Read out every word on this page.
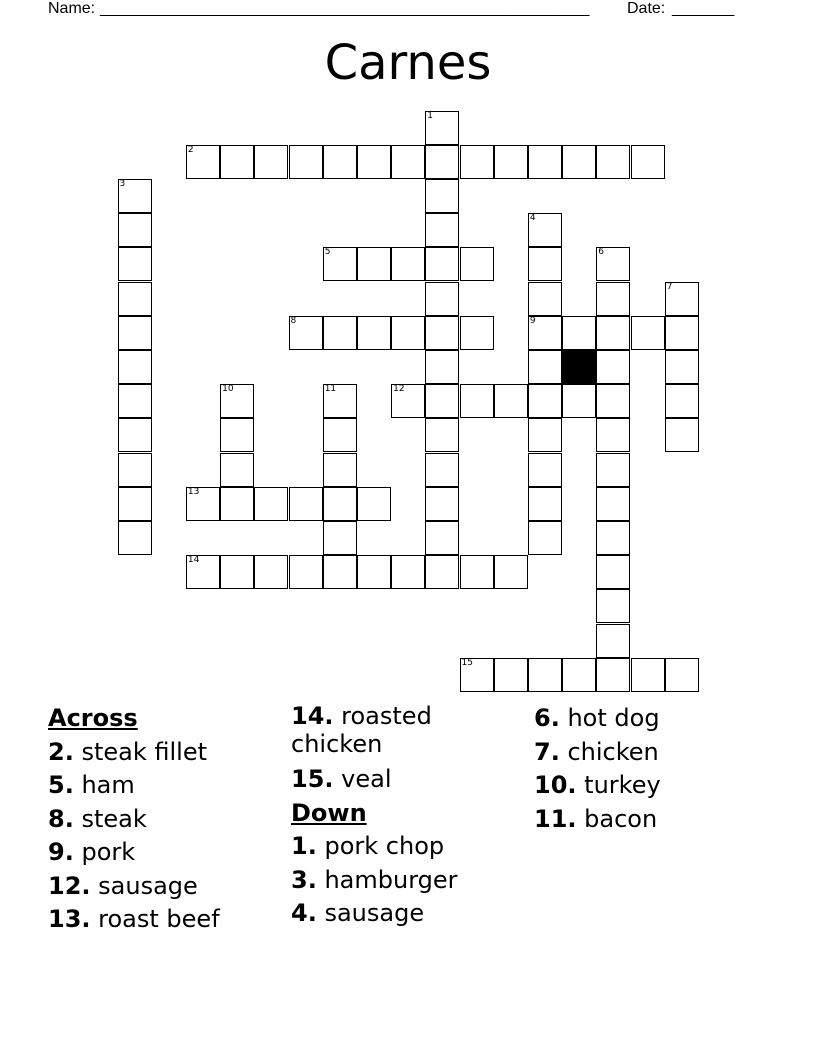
Name: _______________________________________________________ Date: _______
Carnes
1
2
3
4
5	6
7
8	9
10	11	12
13
14
15
Across
2. steak fillet
5. ham
8. steak
9. pork
12. sausage
13. roast beef
14. roasted chicken
15. veal
Down
1. pork chop
3. hamburger
4. sausage
6. hot dog
7. chicken
10. turkey
11. bacon
